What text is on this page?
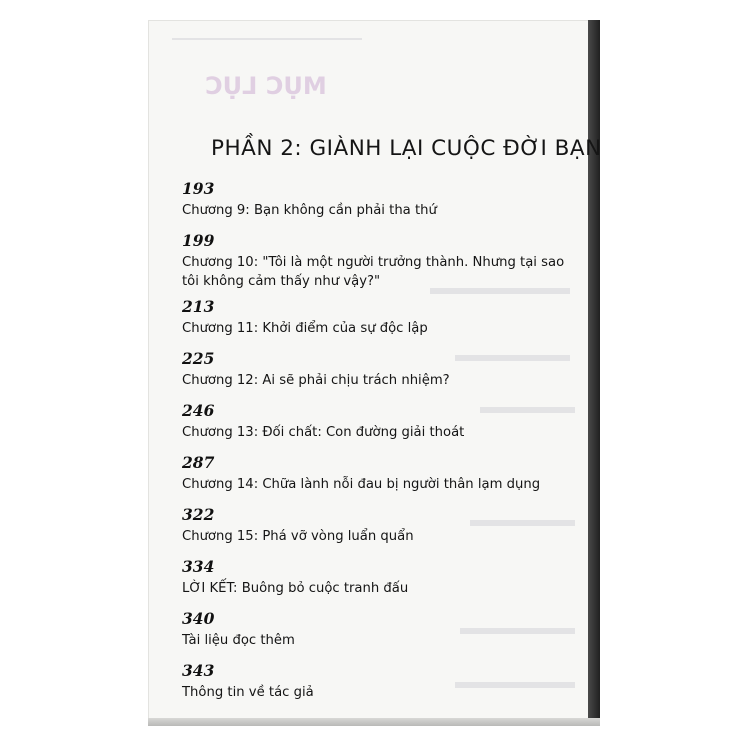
MỤC LỤC
PHẦN 2: GIÀNH LẠI CUỘC ĐỜI BẠN
193
Chương 9: Bạn không cần phải tha thứ
199
Chương 10: "Tôi là một người trưởng thành. Nhưng tại sao
tôi không cảm thấy như vậy?"
213
Chương 11: Khởi điểm của sự độc lập
225
Chương 12: Ai sẽ phải chịu trách nhiệm?
246
Chương 13: Đối chất: Con đường giải thoát
287
Chương 14: Chữa lành nỗi đau bị người thân lạm dụng
322
Chương 15: Phá vỡ vòng luẩn quẩn
334
LỜI KẾT: Buông bỏ cuộc tranh đấu
340
Tài liệu đọc thêm
343
Thông tin về tác giả
